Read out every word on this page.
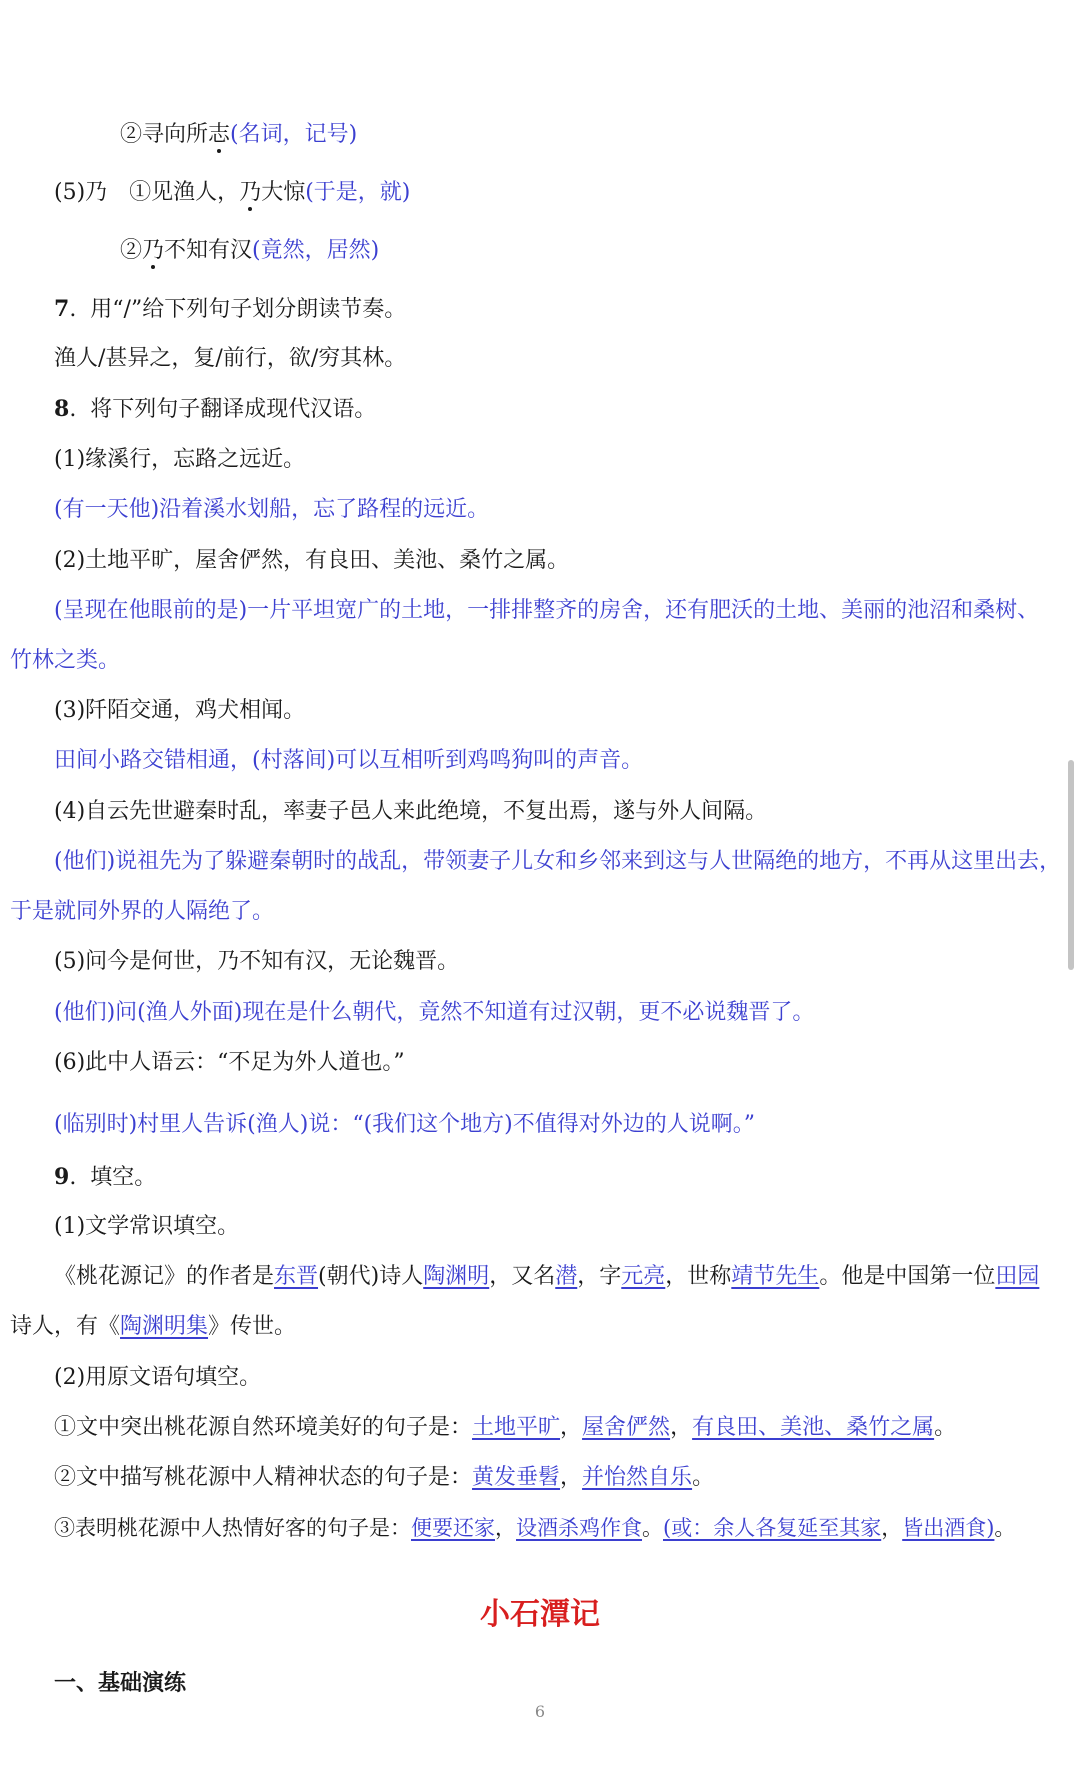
②寻向所志(名词，记号)
(5)乃 ①见渔人，乃大惊(于是，就)
②乃不知有汉(竟然，居然)
7.  用“/”给下列句子划分朗读节奏。
渔人/甚异之，复/前行，欲/穷其林。
8.  将下列句子翻译成现代汉语。
(1)缘溪行，忘路之远近。
(有一天他)沿着溪水划船，忘了路程的远近。
(2)土地平旷，屋舍俨然，有良田、美池、桑竹之属。
(呈现在他眼前的是)一片平坦宽广的土地，一排排整齐的房舍，还有肥沃的土地、美丽的池沼和桑树、
竹林之类。
(3)阡陌交通，鸡犬相闻。
田间小路交错相通，(村落间)可以互相听到鸡鸣狗叫的声音。
(4)自云先世避秦时乱，率妻子邑人来此绝境，不复出焉，遂与外人间隔。
(他们)说祖先为了躲避秦朝时的战乱，带领妻子儿女和乡邻来到这与人世隔绝的地方，不再从这里出去，
于是就同外界的人隔绝了。
(5)问今是何世，乃不知有汉，无论魏晋。
(他们)问(渔人外面)现在是什么朝代，竟然不知道有过汉朝，更不必说魏晋了。
(6)此中人语云：“不足为外人道也。”
(临别时)村里人告诉(渔人)说：“(我们这个地方)不值得对外边的人说啊。”
9.  填空。
(1)文学常识填空。
《桃花源记》的作者是东晋(朝代)诗人陶渊明，又名潜，字元亮，世称靖节先生。他是中国第一位田园
诗人，有《陶渊明集》传世。
(2)用原文语句填空。
①文中突出桃花源自然环境美好的句子是：土地平旷，屋舍俨然，有良田、美池、桑竹之属。
②文中描写桃花源中人精神状态的句子是：黄发垂髫，并怡然自乐。
③表明桃花源中人热情好客的句子是：便要还家，设酒杀鸡作食。(或：余人各复延至其家，皆出酒食)。
小石潭记
一、基础演练
6
